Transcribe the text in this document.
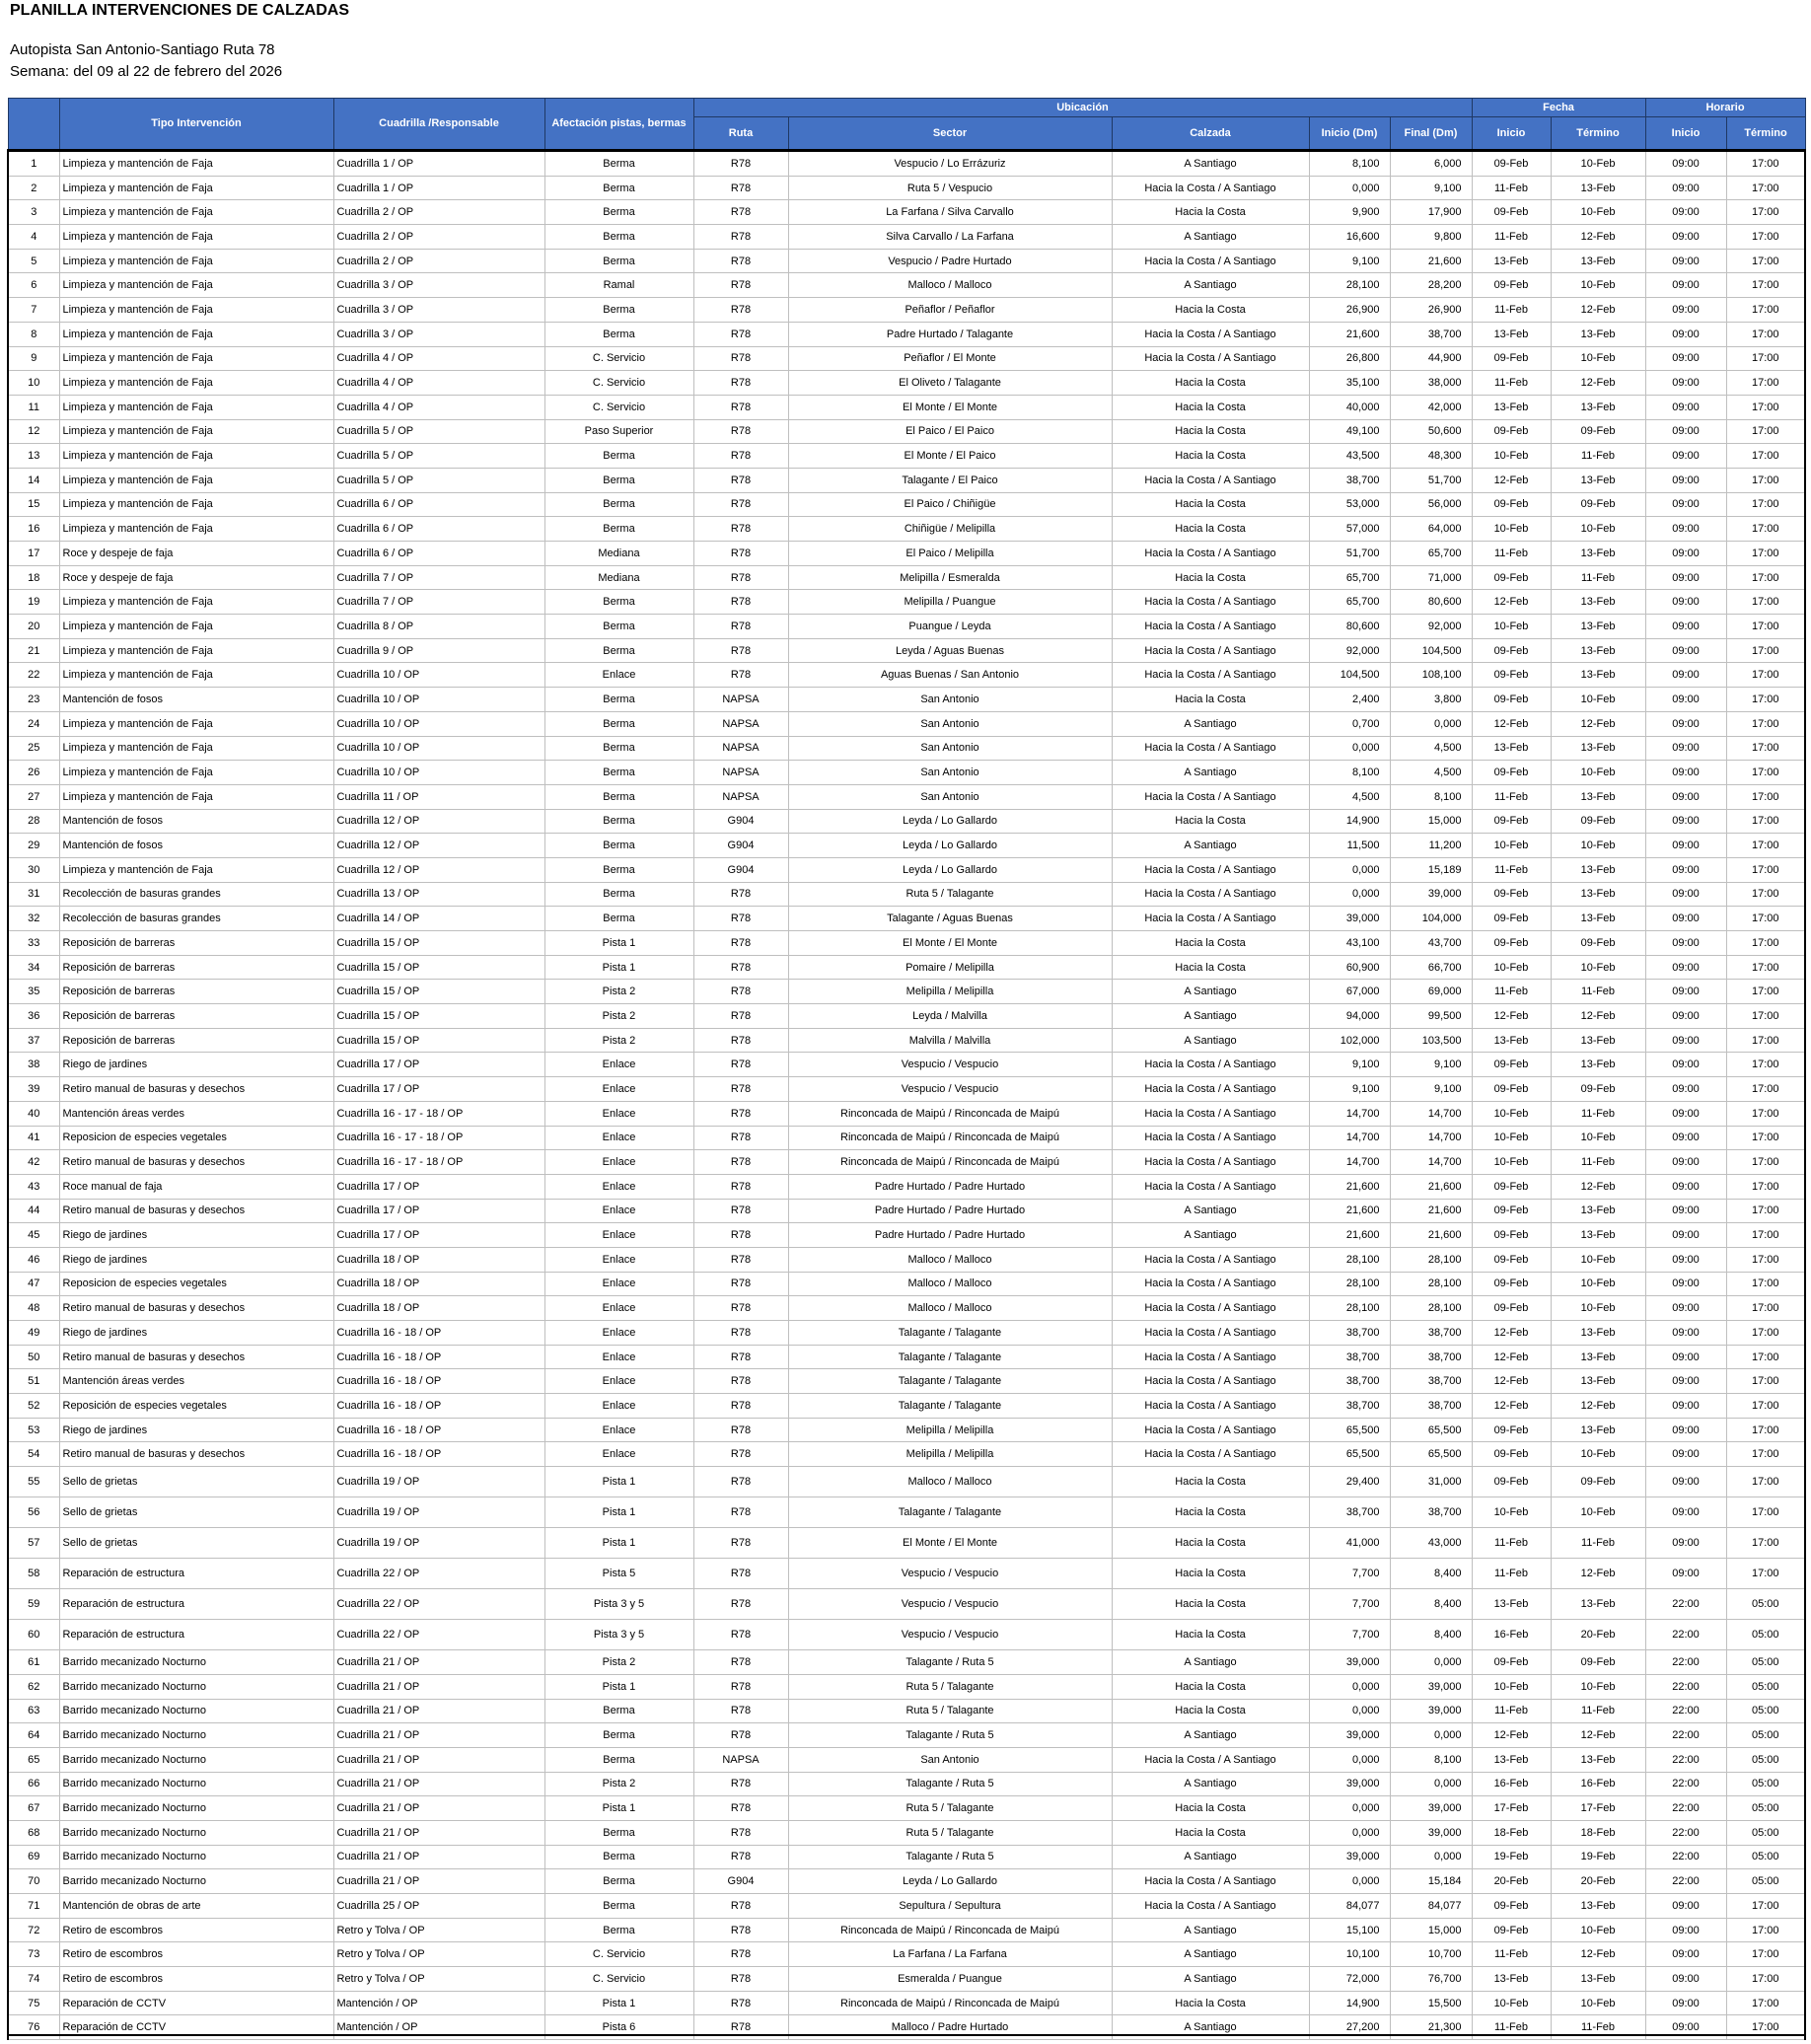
PLANILLA INTERVENCIONES DE CALZADAS
Autopista San Antonio-Santiago Ruta 78
Semana: del 09 al 22 de febrero del 2026
	Tipo Intervención	Cuadrilla /Responsable	Afectación pistas, bermas	Ubicación					Fecha		Horario	
				Ruta	Sector	Calzada	Inicio (Dm)	Final (Dm)	Inicio	Término	Inicio	Término
1	Limpieza y mantención de Faja	Cuadrilla 1 / OP	Berma	R78	Vespucio / Lo Errázuriz	A Santiago	8,100	6,000	09-Feb	10-Feb	09:00	17:00
2	Limpieza y mantención de Faja	Cuadrilla 1 / OP	Berma	R78	Ruta 5 / Vespucio	Hacia la Costa / A Santiago	0,000	9,100	11-Feb	13-Feb	09:00	17:00
3	Limpieza y mantención de Faja	Cuadrilla 2 / OP	Berma	R78	La Farfana / Silva Carvallo	Hacia la Costa	9,900	17,900	09-Feb	10-Feb	09:00	17:00
4	Limpieza y mantención de Faja	Cuadrilla 2 / OP	Berma	R78	Silva Carvallo / La Farfana	A Santiago	16,600	9,800	11-Feb	12-Feb	09:00	17:00
5	Limpieza y mantención de Faja	Cuadrilla 2 / OP	Berma	R78	Vespucio / Padre Hurtado	Hacia la Costa / A Santiago	9,100	21,600	13-Feb	13-Feb	09:00	17:00
6	Limpieza y mantención de Faja	Cuadrilla 3 / OP	Ramal	R78	Malloco / Malloco	A Santiago	28,100	28,200	09-Feb	10-Feb	09:00	17:00
7	Limpieza y mantención de Faja	Cuadrilla 3 / OP	Berma	R78	Peñaflor / Peñaflor	Hacia la Costa	26,900	26,900	11-Feb	12-Feb	09:00	17:00
8	Limpieza y mantención de Faja	Cuadrilla 3 / OP	Berma	R78	Padre Hurtado / Talagante	Hacia la Costa / A Santiago	21,600	38,700	13-Feb	13-Feb	09:00	17:00
9	Limpieza y mantención de Faja	Cuadrilla 4 / OP	C. Servicio	R78	Peñaflor / El Monte	Hacia la Costa / A Santiago	26,800	44,900	09-Feb	10-Feb	09:00	17:00
10	Limpieza y mantención de Faja	Cuadrilla 4 / OP	C. Servicio	R78	El Oliveto / Talagante	Hacia la Costa	35,100	38,000	11-Feb	12-Feb	09:00	17:00
11	Limpieza y mantención de Faja	Cuadrilla 4 / OP	C. Servicio	R78	El Monte / El Monte	Hacia la Costa	40,000	42,000	13-Feb	13-Feb	09:00	17:00
12	Limpieza y mantención de Faja	Cuadrilla 5 / OP	Paso Superior	R78	El Paico / El Paico	Hacia la Costa	49,100	50,600	09-Feb	09-Feb	09:00	17:00
13	Limpieza y mantención de Faja	Cuadrilla 5 / OP	Berma	R78	El Monte / El Paico	Hacia la Costa	43,500	48,300	10-Feb	11-Feb	09:00	17:00
14	Limpieza y mantención de Faja	Cuadrilla 5 / OP	Berma	R78	Talagante / El Paico	Hacia la Costa / A Santiago	38,700	51,700	12-Feb	13-Feb	09:00	17:00
15	Limpieza y mantención de Faja	Cuadrilla 6 / OP	Berma	R78	El Paico / Chiñigüe	Hacia la Costa	53,000	56,000	09-Feb	09-Feb	09:00	17:00
16	Limpieza y mantención de Faja	Cuadrilla 6 / OP	Berma	R78	Chiñigüe / Melipilla	Hacia la Costa	57,000	64,000	10-Feb	10-Feb	09:00	17:00
17	Roce y despeje de faja	Cuadrilla 6 / OP	Mediana	R78	El Paico / Melipilla	Hacia la Costa / A Santiago	51,700	65,700	11-Feb	13-Feb	09:00	17:00
18	Roce y despeje de faja	Cuadrilla 7 / OP	Mediana	R78	Melipilla / Esmeralda	Hacia la Costa	65,700	71,000	09-Feb	11-Feb	09:00	17:00
19	Limpieza y mantención de Faja	Cuadrilla 7 / OP	Berma	R78	Melipilla / Puangue	Hacia la Costa / A Santiago	65,700	80,600	12-Feb	13-Feb	09:00	17:00
20	Limpieza y mantención de Faja	Cuadrilla 8 / OP	Berma	R78	Puangue / Leyda	Hacia la Costa / A Santiago	80,600	92,000	10-Feb	13-Feb	09:00	17:00
21	Limpieza y mantención de Faja	Cuadrilla 9 / OP	Berma	R78	Leyda / Aguas Buenas	Hacia la Costa / A Santiago	92,000	104,500	09-Feb	13-Feb	09:00	17:00
22	Limpieza y mantención de Faja	Cuadrilla 10 / OP	Enlace	R78	Aguas Buenas / San Antonio	Hacia la Costa / A Santiago	104,500	108,100	09-Feb	13-Feb	09:00	17:00
23	Mantención de fosos	Cuadrilla 10 / OP	Berma	NAPSA	San Antonio	Hacia la Costa	2,400	3,800	09-Feb	10-Feb	09:00	17:00
24	Limpieza y mantención de Faja	Cuadrilla 10 / OP	Berma	NAPSA	San Antonio	A Santiago	0,700	0,000	12-Feb	12-Feb	09:00	17:00
25	Limpieza y mantención de Faja	Cuadrilla 10 / OP	Berma	NAPSA	San Antonio	Hacia la Costa / A Santiago	0,000	4,500	13-Feb	13-Feb	09:00	17:00
26	Limpieza y mantención de Faja	Cuadrilla 10 / OP	Berma	NAPSA	San Antonio	A Santiago	8,100	4,500	09-Feb	10-Feb	09:00	17:00
27	Limpieza y mantención de Faja	Cuadrilla 11 / OP	Berma	NAPSA	San Antonio	Hacia la Costa / A Santiago	4,500	8,100	11-Feb	13-Feb	09:00	17:00
28	Mantención de fosos	Cuadrilla 12 / OP	Berma	G904	Leyda / Lo Gallardo	Hacia la Costa	14,900	15,000	09-Feb	09-Feb	09:00	17:00
29	Mantención de fosos	Cuadrilla 12 / OP	Berma	G904	Leyda / Lo Gallardo	A Santiago	11,500	11,200	10-Feb	10-Feb	09:00	17:00
30	Limpieza y mantención de Faja	Cuadrilla 12 / OP	Berma	G904	Leyda / Lo Gallardo	Hacia la Costa / A Santiago	0,000	15,189	11-Feb	13-Feb	09:00	17:00
31	Recolección de basuras grandes	Cuadrilla 13 / OP	Berma	R78	Ruta 5 / Talagante	Hacia la Costa / A Santiago	0,000	39,000	09-Feb	13-Feb	09:00	17:00
32	Recolección de basuras grandes	Cuadrilla 14 / OP	Berma	R78	Talagante / Aguas Buenas	Hacia la Costa / A Santiago	39,000	104,000	09-Feb	13-Feb	09:00	17:00
33	Reposición de barreras	Cuadrilla 15 / OP	Pista 1	R78	El Monte / El Monte	Hacia la Costa	43,100	43,700	09-Feb	09-Feb	09:00	17:00
34	Reposición de barreras	Cuadrilla 15 / OP	Pista 1	R78	Pomaire / Melipilla	Hacia la Costa	60,900	66,700	10-Feb	10-Feb	09:00	17:00
35	Reposición de barreras	Cuadrilla 15 / OP	Pista 2	R78	Melipilla / Melipilla	A Santiago	67,000	69,000	11-Feb	11-Feb	09:00	17:00
36	Reposición de barreras	Cuadrilla 15 / OP	Pista 2	R78	Leyda / Malvilla	A Santiago	94,000	99,500	12-Feb	12-Feb	09:00	17:00
37	Reposición de barreras	Cuadrilla 15 / OP	Pista 2	R78	Malvilla / Malvilla	A Santiago	102,000	103,500	13-Feb	13-Feb	09:00	17:00
38	Riego de jardines	Cuadrilla 17 / OP	Enlace	R78	Vespucio / Vespucio	Hacia la Costa / A Santiago	9,100	9,100	09-Feb	13-Feb	09:00	17:00
39	Retiro manual de basuras y desechos	Cuadrilla 17 / OP	Enlace	R78	Vespucio / Vespucio	Hacia la Costa / A Santiago	9,100	9,100	09-Feb	09-Feb	09:00	17:00
40	Mantención áreas verdes	Cuadrilla 16 - 17 - 18 / OP	Enlace	R78	Rinconcada de Maipú / Rinconcada de Maipú	Hacia la Costa / A Santiago	14,700	14,700	10-Feb	11-Feb	09:00	17:00
41	Reposicion de especies vegetales	Cuadrilla 16 - 17 - 18 / OP	Enlace	R78	Rinconcada de Maipú / Rinconcada de Maipú	Hacia la Costa / A Santiago	14,700	14,700	10-Feb	10-Feb	09:00	17:00
42	Retiro manual de basuras y desechos	Cuadrilla 16 - 17 - 18 / OP	Enlace	R78	Rinconcada de Maipú / Rinconcada de Maipú	Hacia la Costa / A Santiago	14,700	14,700	10-Feb	11-Feb	09:00	17:00
43	Roce manual de faja	Cuadrilla 17 / OP	Enlace	R78	Padre Hurtado / Padre Hurtado	Hacia la Costa / A Santiago	21,600	21,600	09-Feb	12-Feb	09:00	17:00
44	Retiro manual de basuras y desechos	Cuadrilla 17 / OP	Enlace	R78	Padre Hurtado / Padre Hurtado	A Santiago	21,600	21,600	09-Feb	13-Feb	09:00	17:00
45	Riego de jardines	Cuadrilla 17 / OP	Enlace	R78	Padre Hurtado / Padre Hurtado	A Santiago	21,600	21,600	09-Feb	13-Feb	09:00	17:00
46	Riego de jardines	Cuadrilla 18 / OP	Enlace	R78	Malloco / Malloco	Hacia la Costa / A Santiago	28,100	28,100	09-Feb	10-Feb	09:00	17:00
47	Reposicion de especies vegetales	Cuadrilla 18 / OP	Enlace	R78	Malloco / Malloco	Hacia la Costa / A Santiago	28,100	28,100	09-Feb	10-Feb	09:00	17:00
48	Retiro manual de basuras y desechos	Cuadrilla 18 / OP	Enlace	R78	Malloco / Malloco	Hacia la Costa / A Santiago	28,100	28,100	09-Feb	10-Feb	09:00	17:00
49	Riego de jardines	Cuadrilla 16 - 18 / OP	Enlace	R78	Talagante / Talagante	Hacia la Costa / A Santiago	38,700	38,700	12-Feb	13-Feb	09:00	17:00
50	Retiro manual de basuras y desechos	Cuadrilla 16 - 18 / OP	Enlace	R78	Talagante / Talagante	Hacia la Costa / A Santiago	38,700	38,700	12-Feb	13-Feb	09:00	17:00
51	Mantención áreas verdes	Cuadrilla 16 - 18 / OP	Enlace	R78	Talagante / Talagante	Hacia la Costa / A Santiago	38,700	38,700	12-Feb	13-Feb	09:00	17:00
52	Reposición de especies vegetales	Cuadrilla 16 - 18 / OP	Enlace	R78	Talagante / Talagante	Hacia la Costa / A Santiago	38,700	38,700	12-Feb	12-Feb	09:00	17:00
53	Riego de jardines	Cuadrilla 16 - 18 / OP	Enlace	R78	Melipilla / Melipilla	Hacia la Costa / A Santiago	65,500	65,500	09-Feb	13-Feb	09:00	17:00
54	Retiro manual de basuras y desechos	Cuadrilla 16 - 18 / OP	Enlace	R78	Melipilla / Melipilla	Hacia la Costa / A Santiago	65,500	65,500	09-Feb	10-Feb	09:00	17:00
55	Sello de grietas	Cuadrilla 19 / OP	Pista 1	R78	Malloco / Malloco	Hacia la Costa	29,400	31,000	09-Feb	09-Feb	09:00	17:00
56	Sello de grietas	Cuadrilla 19 / OP	Pista 1	R78	Talagante / Talagante	Hacia la Costa	38,700	38,700	10-Feb	10-Feb	09:00	17:00
57	Sello de grietas	Cuadrilla 19 / OP	Pista 1	R78	El Monte / El Monte	Hacia la Costa	41,000	43,000	11-Feb	11-Feb	09:00	17:00
58	Reparación de estructura	Cuadrilla 22 / OP	Pista 5	R78	Vespucio / Vespucio	Hacia la Costa	7,700	8,400	11-Feb	12-Feb	09:00	17:00
59	Reparación de estructura	Cuadrilla 22 / OP	Pista 3 y 5	R78	Vespucio / Vespucio	Hacia la Costa	7,700	8,400	13-Feb	13-Feb	22:00	05:00
60	Reparación de estructura	Cuadrilla 22 / OP	Pista 3 y 5	R78	Vespucio / Vespucio	Hacia la Costa	7,700	8,400	16-Feb	20-Feb	22:00	05:00
61	Barrido mecanizado Nocturno	Cuadrilla 21 / OP	Pista 2	R78	Talagante / Ruta 5	A Santiago	39,000	0,000	09-Feb	09-Feb	22:00	05:00
62	Barrido mecanizado Nocturno	Cuadrilla 21 / OP	Pista 1	R78	Ruta 5 / Talagante	Hacia la Costa	0,000	39,000	10-Feb	10-Feb	22:00	05:00
63	Barrido mecanizado Nocturno	Cuadrilla 21 / OP	Berma	R78	Ruta 5 / Talagante	Hacia la Costa	0,000	39,000	11-Feb	11-Feb	22:00	05:00
64	Barrido mecanizado Nocturno	Cuadrilla 21 / OP	Berma	R78	Talagante / Ruta 5	A Santiago	39,000	0,000	12-Feb	12-Feb	22:00	05:00
65	Barrido mecanizado Nocturno	Cuadrilla 21 / OP	Berma	NAPSA	San Antonio	Hacia la Costa / A Santiago	0,000	8,100	13-Feb	13-Feb	22:00	05:00
66	Barrido mecanizado Nocturno	Cuadrilla 21 / OP	Pista 2	R78	Talagante / Ruta 5	A Santiago	39,000	0,000	16-Feb	16-Feb	22:00	05:00
67	Barrido mecanizado Nocturno	Cuadrilla 21 / OP	Pista 1	R78	Ruta 5 / Talagante	Hacia la Costa	0,000	39,000	17-Feb	17-Feb	22:00	05:00
68	Barrido mecanizado Nocturno	Cuadrilla 21 / OP	Berma	R78	Ruta 5 / Talagante	Hacia la Costa	0,000	39,000	18-Feb	18-Feb	22:00	05:00
69	Barrido mecanizado Nocturno	Cuadrilla 21 / OP	Berma	R78	Talagante / Ruta 5	A Santiago	39,000	0,000	19-Feb	19-Feb	22:00	05:00
70	Barrido mecanizado Nocturno	Cuadrilla 21 / OP	Berma	G904	Leyda / Lo Gallardo	Hacia la Costa / A Santiago	0,000	15,184	20-Feb	20-Feb	22:00	05:00
71	Mantención de obras de arte	Cuadrilla 25 / OP	Berma	R78	Sepultura / Sepultura	Hacia la Costa / A Santiago	84,077	84,077	09-Feb	13-Feb	09:00	17:00
72	Retiro de escombros	Retro y Tolva / OP	Berma	R78	Rinconcada de Maipú / Rinconcada de Maipú	A Santiago	15,100	15,000	09-Feb	10-Feb	09:00	17:00
73	Retiro de escombros	Retro y Tolva / OP	C. Servicio	R78	La Farfana / La Farfana	A Santiago	10,100	10,700	11-Feb	12-Feb	09:00	17:00
74	Retiro de escombros	Retro y Tolva / OP	C. Servicio	R78	Esmeralda / Puangue	A Santiago	72,000	76,700	13-Feb	13-Feb	09:00	17:00
75	Reparación de CCTV	Mantención / OP	Pista 1	R78	Rinconcada de Maipú / Rinconcada de Maipú	Hacia la Costa	14,900	15,500	10-Feb	10-Feb	09:00	17:00
76	Reparación de CCTV	Mantención / OP	Pista 6	R78	Malloco / Padre Hurtado	A Santiago	27,200	21,300	11-Feb	11-Feb	09:00	17:00
